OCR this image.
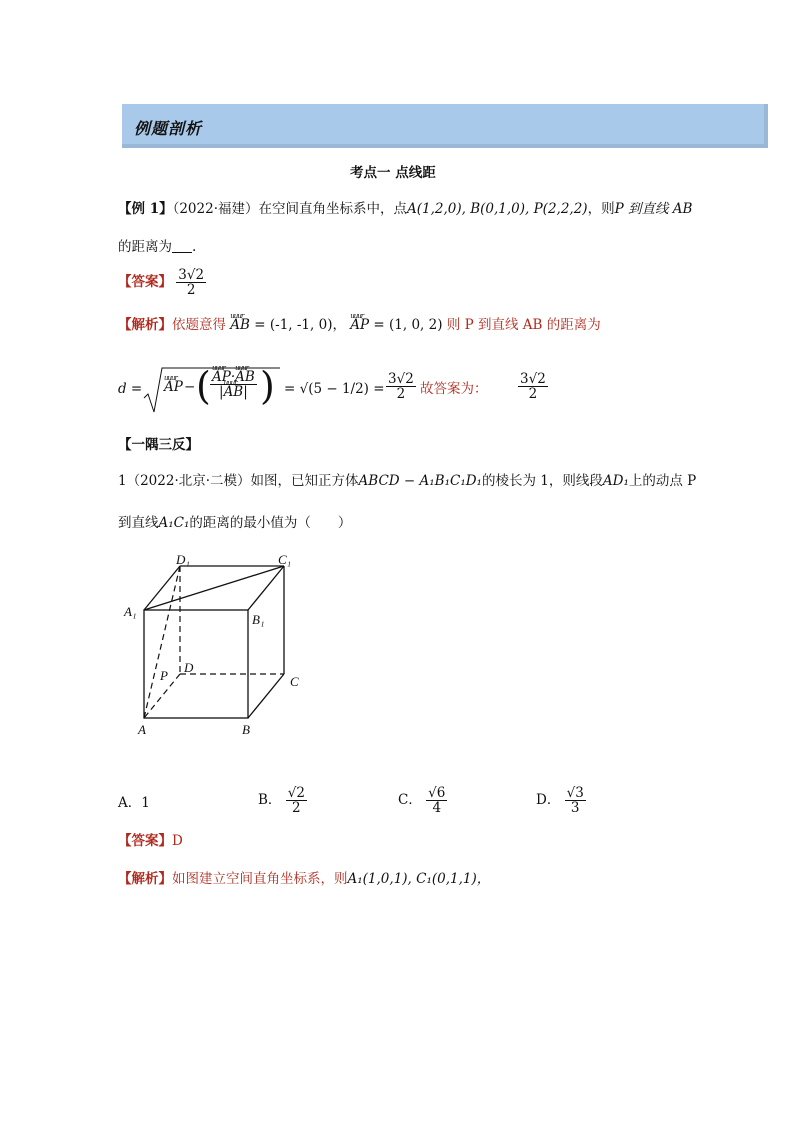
例题剖析
考点一 点线距
【例 1】（2022·福建）在空间直角坐标系中，点A(1,2,0), B(0,1,0), P(2,2,2)，则P 到直线 AB
的距离为 .
【答案】 $\frac{3√2}{2}$
【解析】依题意得 uuur AB = (-1, -1, 0)， uuur AP = (1, 0, 2) 则 P 到直线 AB 的距离为
d = uuur AP − ( uuur $\frac{\text{AP·uuur AB}}{\text{|uuur AB|}}$ ) = $√(5 - 1/2) = \frac{3√2}{2}$ 故答案为： $\frac{3√2}{2}$
【一隅三反】
1（2022·北京·二模）如图，已知正方体ABCD − A₁B₁C₁D₁的棱长为 1，则线段AD₁上的动点 P
到直线A₁C₁的距离的最小值为（　　）
D₁	C₁
A₁
B₁
D
C
P
A	B
A．1	B． $\frac{√2}{2}$	C． $\frac{√6}{4}$	D． $\frac{√3}{3}$
【答案】D
【解析】如图建立空间直角坐标系，则A₁(1,0,1), C₁(0,1,1)，
